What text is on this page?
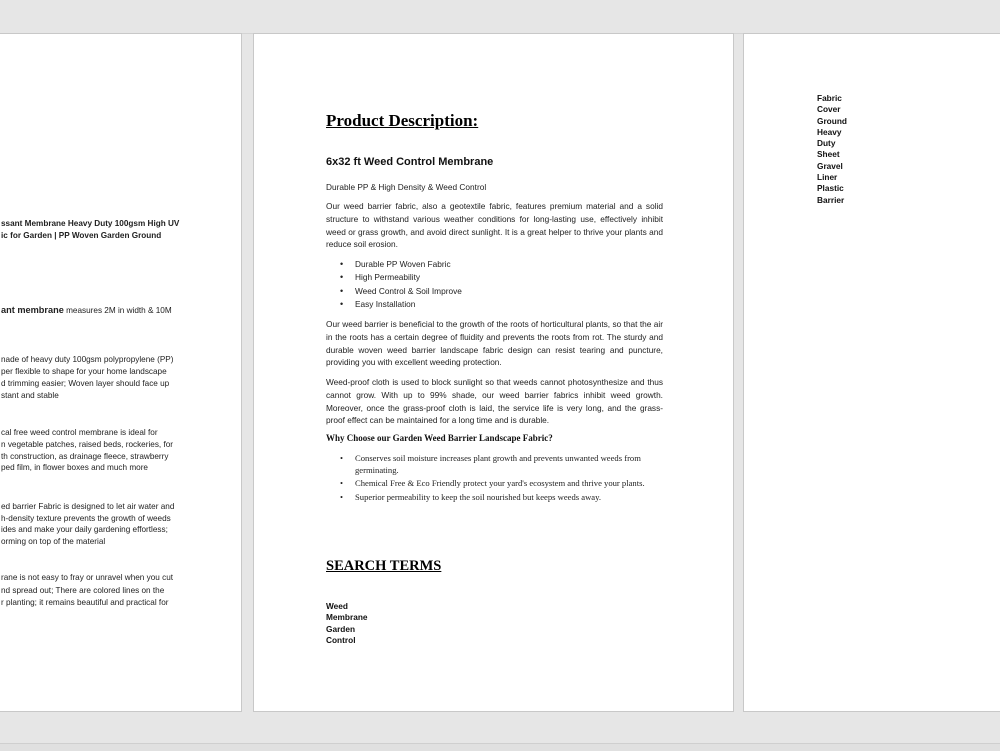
ssant Membrane Heavy Duty 100gsm High UV
ic for Garden | PP Woven Garden Ground
ant membrane measures 2M in width & 10M
nade of heavy duty 100gsm polypropylene (PP)
per flexible to shape for your home landscape
d trimming easier; Woven layer should face up
stant and stable
cal free weed control membrane is ideal for
n vegetable patches, raised beds, rockeries, for
th construction, as drainage fleece, strawberry
ped film, in flower boxes and much more
ed barrier Fabric is designed to let air water and
h-density texture prevents the growth of weeds
ides and make your daily gardening effortless;
orming on top of the material
rane is not easy to fray or unravel when you cut
nd spread out; There are colored lines on the
r planting; it remains beautiful and practical for
Product Description:
6x32 ft Weed Control Membrane

Durable PP & High Density & Weed Control

Our weed barrier fabric, also a geotextile fabric, features premium material and a solid structure to withstand various weather conditions for long-lasting use, effectively inhibit weed or grass growth, and avoid direct sunlight. It is a great helper to thrive your plants and reduce soil erosion.

• Durable PP Woven Fabric
• High Permeability
• Weed Control & Soil Improve
• Easy Installation

Our weed barrier is beneficial to the growth of the roots of horticultural plants, so that the air in the roots has a certain degree of fluidity and prevents the roots from rot. The sturdy and durable woven weed barrier landscape fabric design can resist tearing and puncture, providing you with excellent weeding protection.

Weed-proof cloth is used to block sunlight so that weeds cannot photosynthesize and thus cannot grow. With up to 99% shade, our weed barrier fabrics inhibit weed growth. Moreover, once the grass-proof cloth is laid, the service life is very long, and the grass-proof effect can be maintained for a long time and is durable.

Why Choose our Garden Weed Barrier Landscape Fabric?
• Conserves soil moisture increases plant growth and prevents unwanted weeds from germinating.
• Chemical Free & Eco Friendly protect your yard's ecosystem and thrive your plants.
• Superior permeability to keep the soil nourished but keeps weeds away.
SEARCH TERMS
Weed
Membrane
Garden
Control
Fabric
Cover
Ground
Heavy
Duty
Sheet
Gravel
Liner
Plastic
Barrier
